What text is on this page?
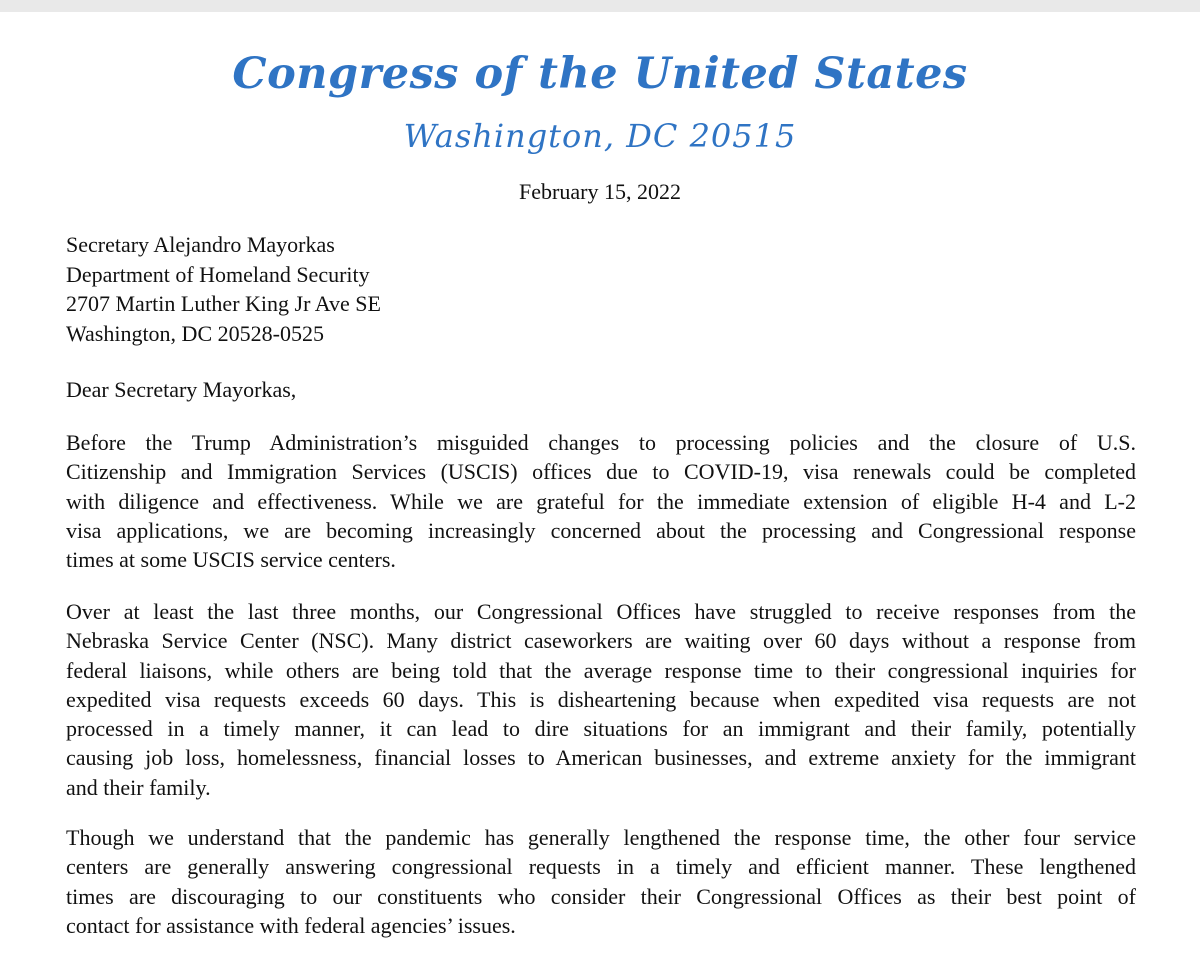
Congress of the United States
Washington, DC 20515
February 15, 2022
Secretary Alejandro Mayorkas
Department of Homeland Security
2707 Martin Luther King Jr Ave SE
Washington, DC 20528-0525
Dear Secretary Mayorkas,
Before the Trump Administration’s misguided changes to processing policies and the closure of U.S.
Citizenship and Immigration Services (USCIS) offices due to COVID-19, visa renewals could be completed
with diligence and effectiveness. While we are grateful for the immediate extension of eligible H-4 and L-2
visa applications, we are becoming increasingly concerned about the processing and Congressional response
times at some USCIS service centers.
Over at least the last three months, our Congressional Offices have struggled to receive responses from the
Nebraska Service Center (NSC). Many district caseworkers are waiting over 60 days without a response from
federal liaisons, while others are being told that the average response time to their congressional inquiries for
expedited visa requests exceeds 60 days. This is disheartening because when expedited visa requests are not
processed in a timely manner, it can lead to dire situations for an immigrant and their family, potentially
causing job loss, homelessness, financial losses to American businesses, and extreme anxiety for the immigrant
and their family.
Though we understand that the pandemic has generally lengthened the response time, the other four service
centers are generally answering congressional requests in a timely and efficient manner. These lengthened
times are discouraging to our constituents who consider their Congressional Offices as their best point of
contact for assistance with federal agencies’ issues.
